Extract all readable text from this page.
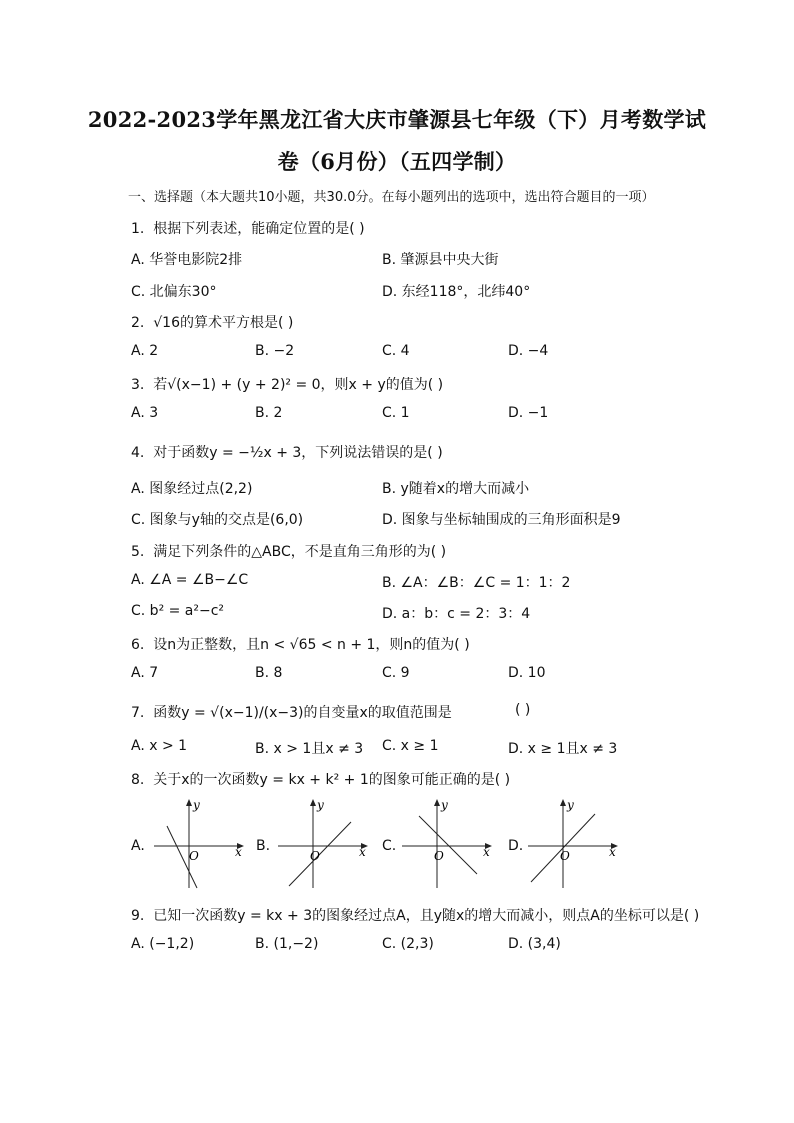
2022-2023学年黑龙江省大庆市肇源县七年级（下）月考数学试
卷（6月份）（五四学制）
一、选择题（本大题共10小题，共30.0分。在每小题列出的选项中，选出符合题目的一项）
1. 根据下列表述，能确定位置的是( )
A. 华誉电影院2排	B. 肇源县中央大街
C. 北偏东30°	D. 东经118°，北纬40°
2. √16的算术平方根是( )
A. 2	B. −2	C. 4	D. −4
3. 若√(x−1) + (y + 2)² = 0，则x + y的值为( )
A. 3	B. 2	C. 1	D. −1
4. 对于函数y = −½x + 3，下列说法错误的是( )
A. 图象经过点(2,2)	B. y随着x的增大而减小
C. 图象与y轴的交点是(6,0)	D. 图象与坐标轴围成的三角形面积是9
5. 满足下列条件的△ABC，不是直角三角形的为( )
A. ∠A = ∠B−∠C	B. ∠A：∠B：∠C = 1：1：2
C. b² = a²−c²	D. a：b：c = 2：3：4
6. 设n为正整数，且n < √65 < n + 1，则n的值为( )
A. 7	B. 8	C. 9	D. 10
7. 函数y = √(x−1)/(x−3)的自变量x的取值范围是	( )
A. x > 1	B. x > 1且x ≠ 3 C. x ≥ 1	D. x ≥ 1且x ≠ 3
8. 关于x的一次函数y = kx + k² + 1的图象可能正确的是( )
A.
y
x
O
B.
y
x
O
C.
y
x
O
D.
y
x
O
9. 已知一次函数y = kx + 3的图象经过点A，且y随x的增大而减小，则点A的坐标可以是( )
A. (−1,2)	B. (1,−2)	C. (2,3)	D. (3,4)
